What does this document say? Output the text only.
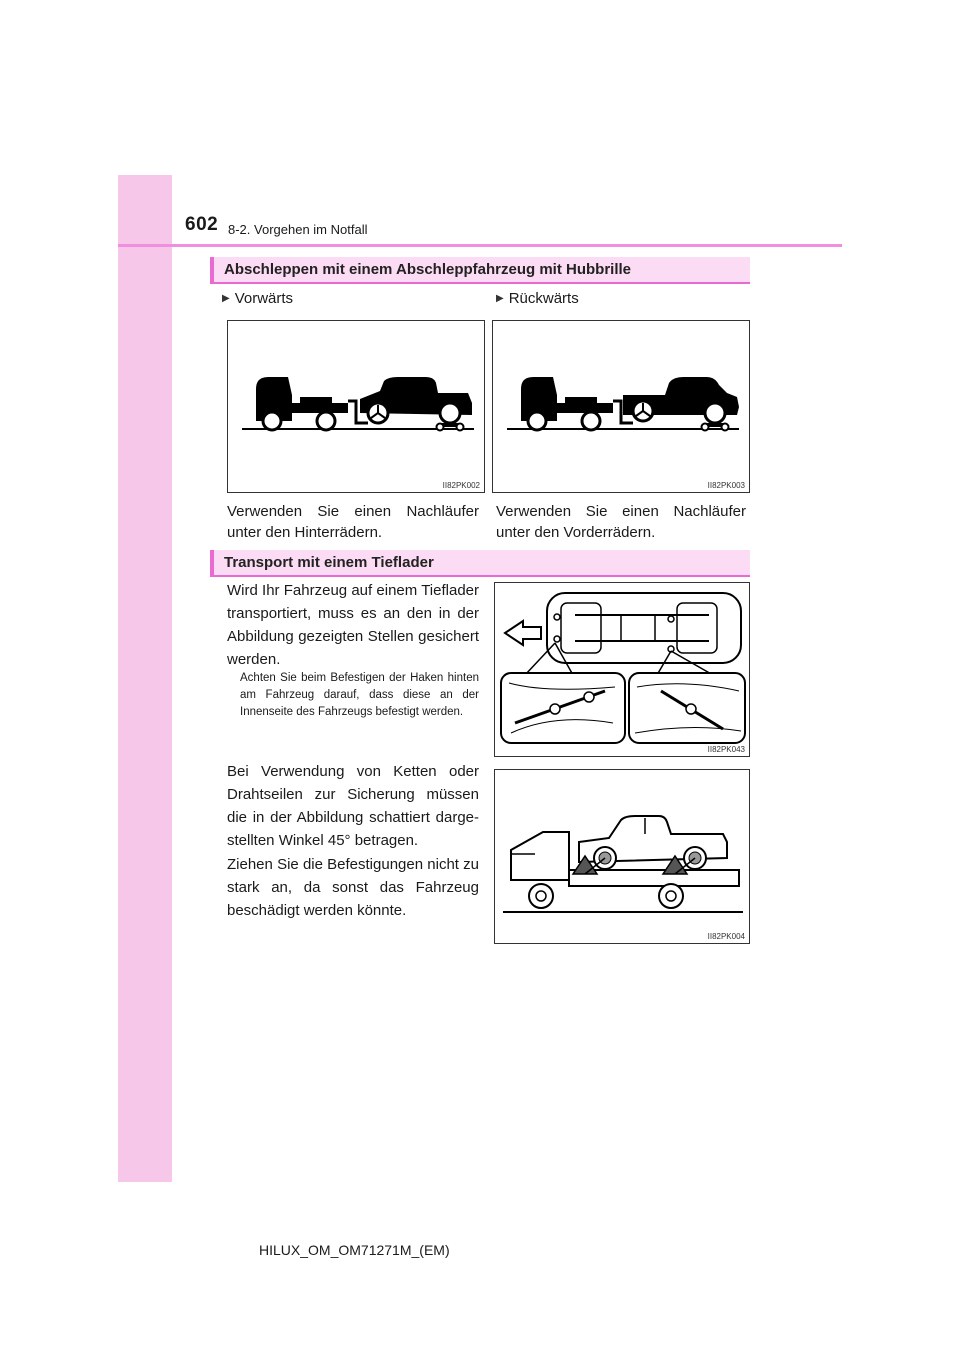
602 8-2. Vorgehen im Notfall
Abschleppen mit einem Abschleppfahrzeug mit Hubbrille
▶ Vorwärts	▶ Rückwärts
II82PK002	II82PK003
Verwenden Sie einen Nachläufer unter den Hinterrädern.
Verwenden Sie einen Nachläufer unter den Vorderrädern.
Transport mit einem Tieflader
Wird Ihr Fahrzeug auf einem Tieflader transportiert, muss es an den in der Abbildung gezeigten Stellen gesichert werden.
Achten Sie beim Befestigen der Haken hinten am Fahrzeug darauf, dass diese an der Innenseite des Fahrzeugs befestigt werden.
Bei Verwendung von Ketten oder Drahtseilen zur Sicherung müssen die in der Abbildung schattiert darge-stellten Winkel 45° betragen.
Ziehen Sie die Befestigungen nicht zu stark an, da sonst das Fahrzeug beschädigt werden könnte.
II82PK043
II82PK004
HILUX_OM_OM71271M_(EM)
